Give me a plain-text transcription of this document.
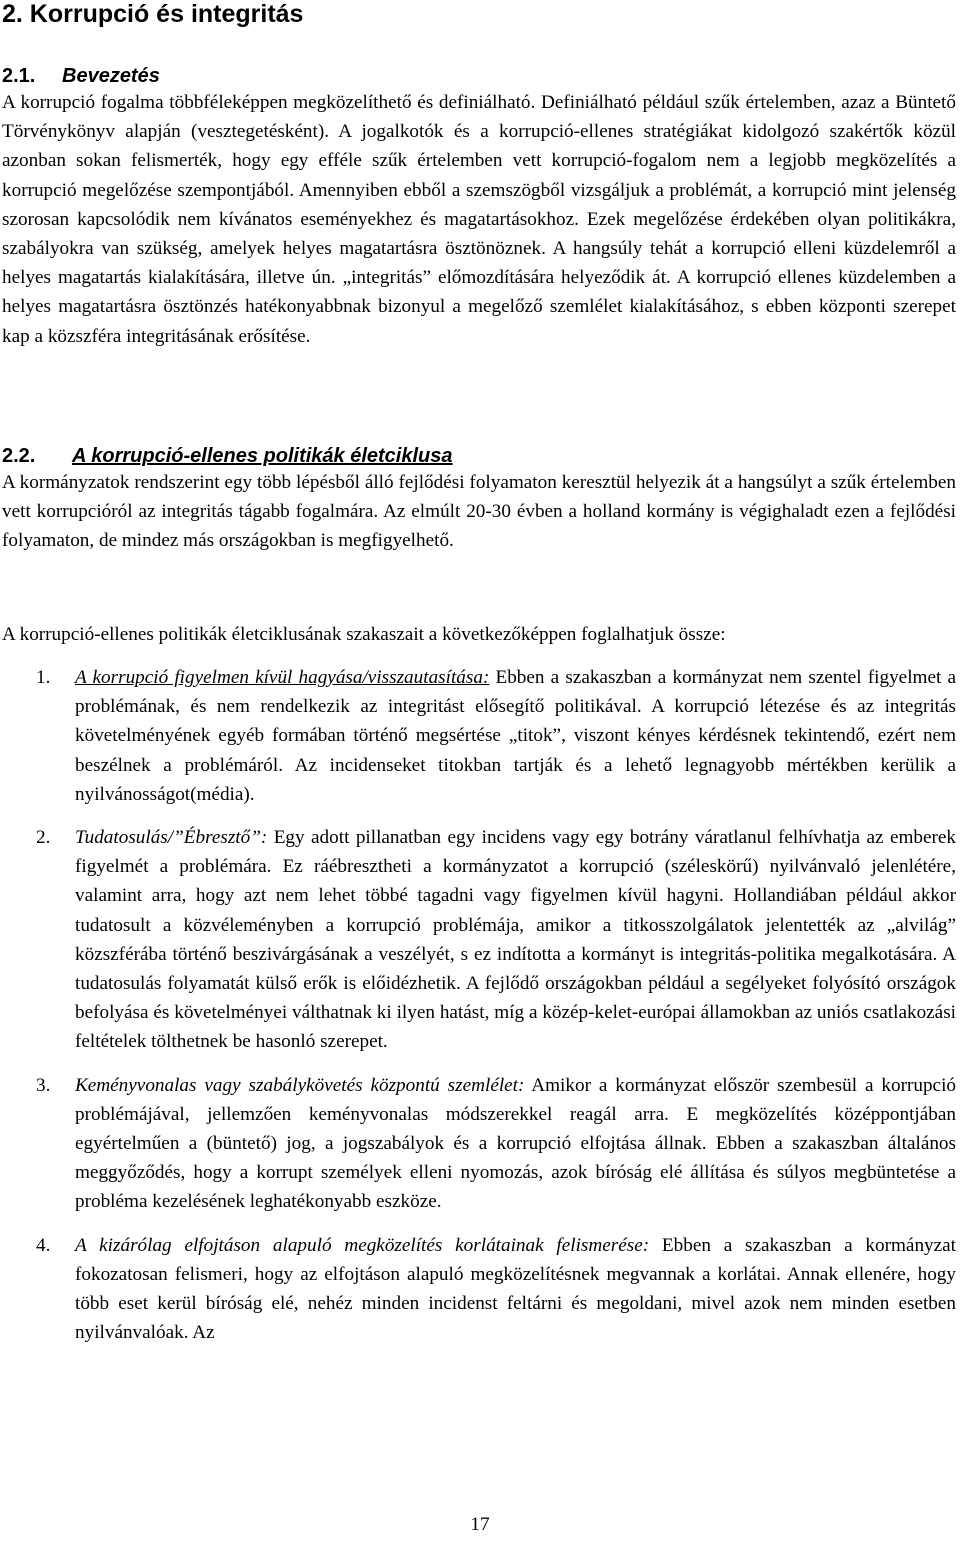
2. Korrupció és integritás
2.1. Bevezetés

A korrupció fogalma többféleképpen megközelíthető és definiálható. Definiálható például szűk értelemben, azaz a Büntető Törvénykönyv alapján (vesztegetésként). A jogalkotók és a korrupció-ellenes stratégiákat kidolgozó szakértők közül azonban sokan felismerték, hogy egy efféle szűk értelemben vett korrupció-fogalom nem a legjobb megközelítés a korrupció megelőzése szempontjából. Amennyiben ebből a szemszögből vizsgáljuk a problémát, a korrupció mint jelenség szorosan kapcsolódik nem kívánatos eseményekhez és magatartásokhoz. Ezek megelőzése érdekében olyan politikákra, szabályokra van szükség, amelyek helyes magatartásra ösztönöznek. A hangsúly tehát a korrupció elleni küzdelemről a helyes magatartás kialakítására, illetve ún. „integritás” előmozdítására helyeződik át. A korrupció ellenes küzdelemben a helyes magatartásra ösztönzés hatékonyabbnak bizonyul a megelőző szemlélet kialakításához, s ebben központi szerepet kap a közszféra integritásának erősítése.

2.2. A korrupció-ellenes politikák életciklusa

A kormányzatok rendszerint egy több lépésből álló fejlődési folyamaton keresztül helyezik át a hangsúlyt a szűk értelemben vett korrupcióról az integritás tágabb fogalmára. Az elmúlt 20-30 évben a holland kormány is végighaladt ezen a fejlődési folyamaton, de mindez más országokban is megfigyelhető.

A korrupció-ellenes politikák életciklusának szakaszait a következőképpen foglalhatjuk össze:

1. A korrupció figyelmen kívül hagyása/visszautasítása: Ebben a szakaszban a kormányzat nem szentel figyelmet a problémának, és nem rendelkezik az integritást elősegítő politikával. A korrupció létezése és az integritás követelményének egyéb formában történő megsértése „titok”, viszont kényes kérdésnek tekintendő, ezért nem beszélnek a problémáról. Az incidenseket titokban tartják és a lehető legnagyobb mértékben kerülik a nyilvánosságot(média).
2. Tudatosulás/”Ébresztő”: Egy adott pillanatban egy incidens vagy egy botrány váratlanul felhívhatja az emberek figyelmét a problémára. Ez ráébresztheti a kormányzatot a korrupció (széleskörű) nyilvánvaló jelenlétére, valamint arra, hogy azt nem lehet többé tagadni vagy figyelmen kívül hagyni. Hollandiában például akkor tudatosult a közvéleményben a korrupció problémája, amikor a titkosszolgálatok jelentették az „alvilág” közszférába történő beszivárgásának a veszélyét, s ez indította a kormányt is integritás-politika megalkotására. A tudatosulás folyamatát külső erők is előidézhetik. A fejlődő országokban például a segélyeket folyósító országok befolyása és követelményei válthatnak ki ilyen hatást, míg a közép-kelet-európai államokban az uniós csatlakozási feltételek tölthetnek be hasonló szerepet.
3. Keményvonalas vagy szabálykövetés központú szemlélet: Amikor a kormányzat először szembesül a korrupció problémájával, jellemzően keményvonalas módszerekkel reagál arra. E megközelítés középpontjában egyértelműen a (büntető) jog, a jogszabályok és a korrupció elfojtása állnak. Ebben a szakaszban általános meggyőződés, hogy a korrupt személyek elleni nyomozás, azok bíróság elé állítása és súlyos megbüntetése a probléma kezelésének leghatékonyabb eszköze.
4. A kizárólag elfojtáson alapuló megközelítés korlátainak felismerése: Ebben a szakaszban a kormányzat fokozatosan felismeri, hogy az elfojtáson alapuló megközelítésnek megvannak a korlátai. Annak ellenére, hogy több eset kerül bíróság elé, nehéz minden incidenst feltárni és megoldani, mivel azok nem minden esetben nyilvánvalóak. Az
17
